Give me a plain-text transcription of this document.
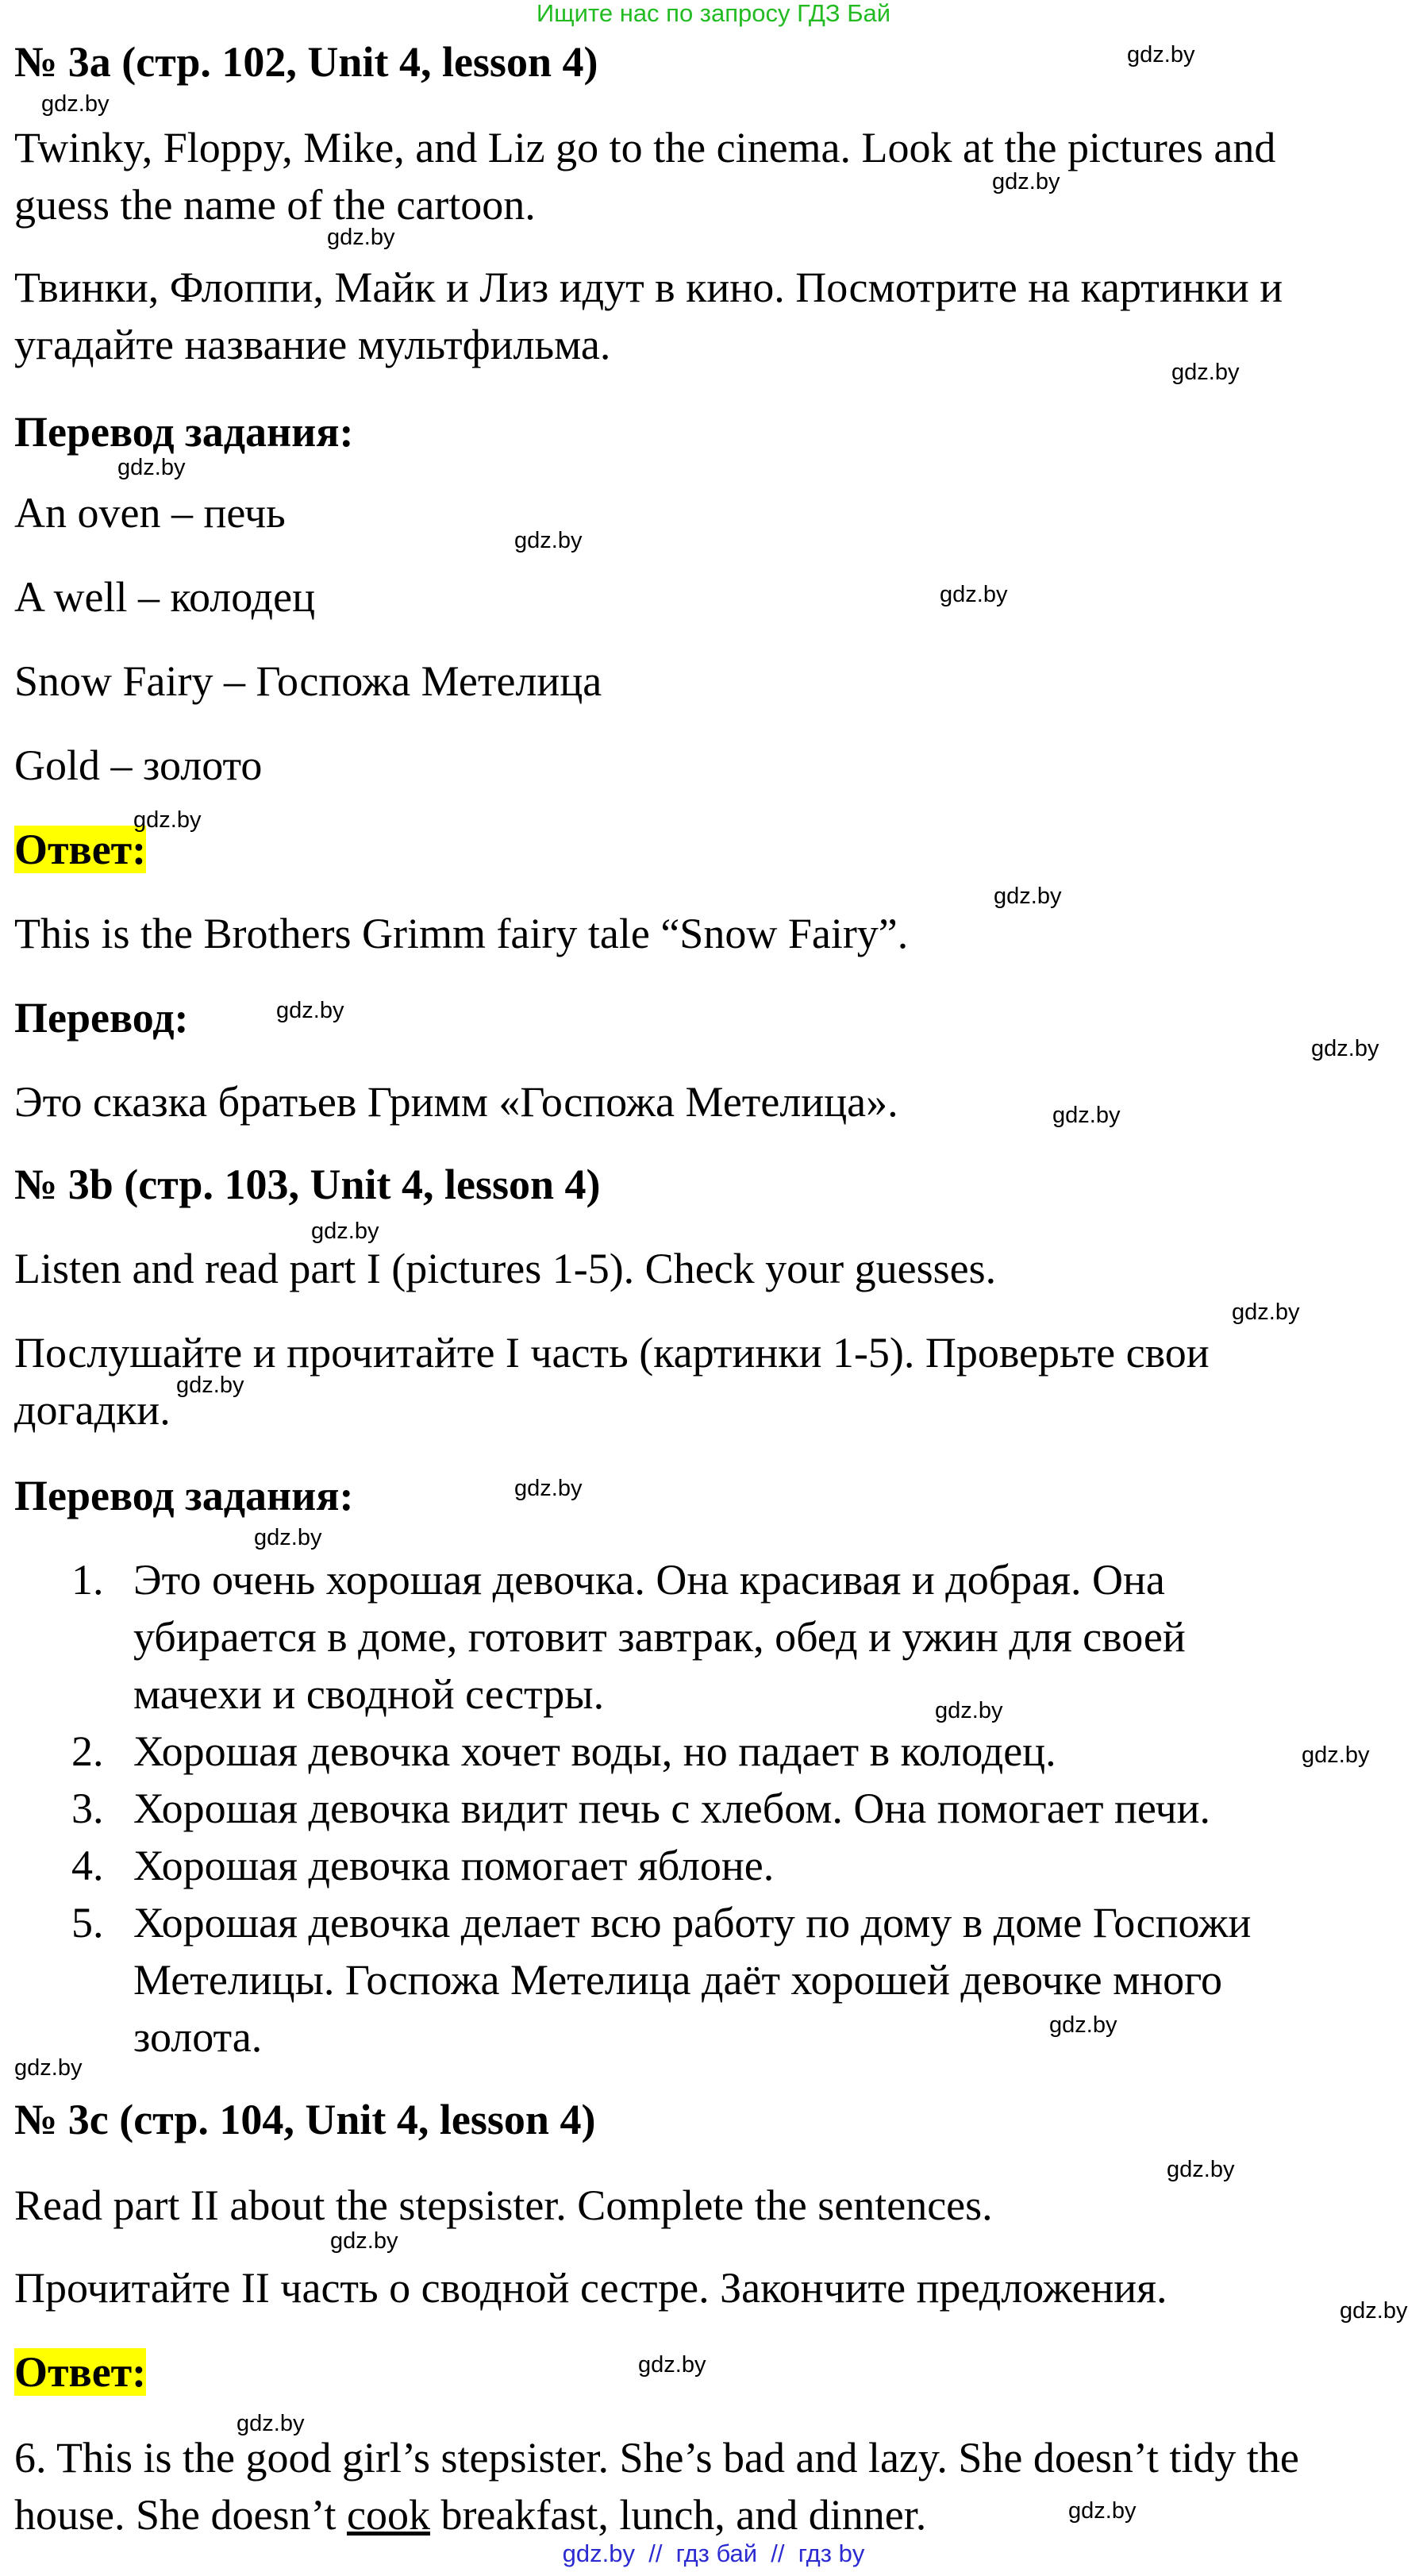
Ищите нас по запросу ГДЗ Бай
№ 3a (стр. 102, Unit 4, lesson 4)
Twinky, Floppy, Mike, and Liz go to the cinema. Look at the pictures and
guess the name of the cartoon.
Твинки, Флоппи, Майк и Лиз идут в кино. Посмотрите на картинки и
угадайте название мультфильма.
Перевод задания:
An oven – печь
A well – колодец
Snow Fairy – Госпожа Метелица
Gold – золото
Ответ:
This is the Brothers Grimm fairy tale “Snow Fairy”.
Перевод:
Это сказка братьев Гримм «Госпожа Метелица».
№ 3b (стр. 103, Unit 4, lesson 4)
Listen and read part I (pictures 1-5). Check your guesses.
Послушайте и прочитайте I часть (картинки 1-5). Проверьте свои
догадки.
Перевод задания:
1. Это очень хорошая девочка. Она красивая и добрая. Она
убирается в доме, готовит завтрак, обед и ужин для своей
мачехи и сводной сестры.
2. Хорошая девочка хочет воды, но падает в колодец.
3. Хорошая девочка видит печь с хлебом. Она помогает печи.
4. Хорошая девочка помогает яблоне.
5. Хорошая девочка делает всю работу по дому в доме Госпожи
Метелицы. Госпожа Метелица даёт хорошей девочке много
золота.
№ 3c (стр. 104, Unit 4, lesson 4)
Read part II about the stepsister. Complete the sentences.
Прочитайте II часть о сводной сестре. Закончите предложения.
Ответ:
6. This is the good girl’s stepsister. She’s bad and lazy. She doesn’t tidy the
house. She doesn’t cook breakfast, lunch, and dinner.
gdz.by
gdz.by
gdz.by
gdz.by
gdz.by
gdz.by
gdz.by
gdz.by
gdz.by
gdz.by
gdz.by
gdz.by
gdz.by
gdz.by
gdz.by
gdz.by
gdz.by
gdz.by
gdz.by
gdz.by
gdz.by
gdz.by
gdz.by
gdz.by
gdz.by
gdz.by
gdz.by
gdz.by
gdz.by  //  гдз бай  //  гдз by
